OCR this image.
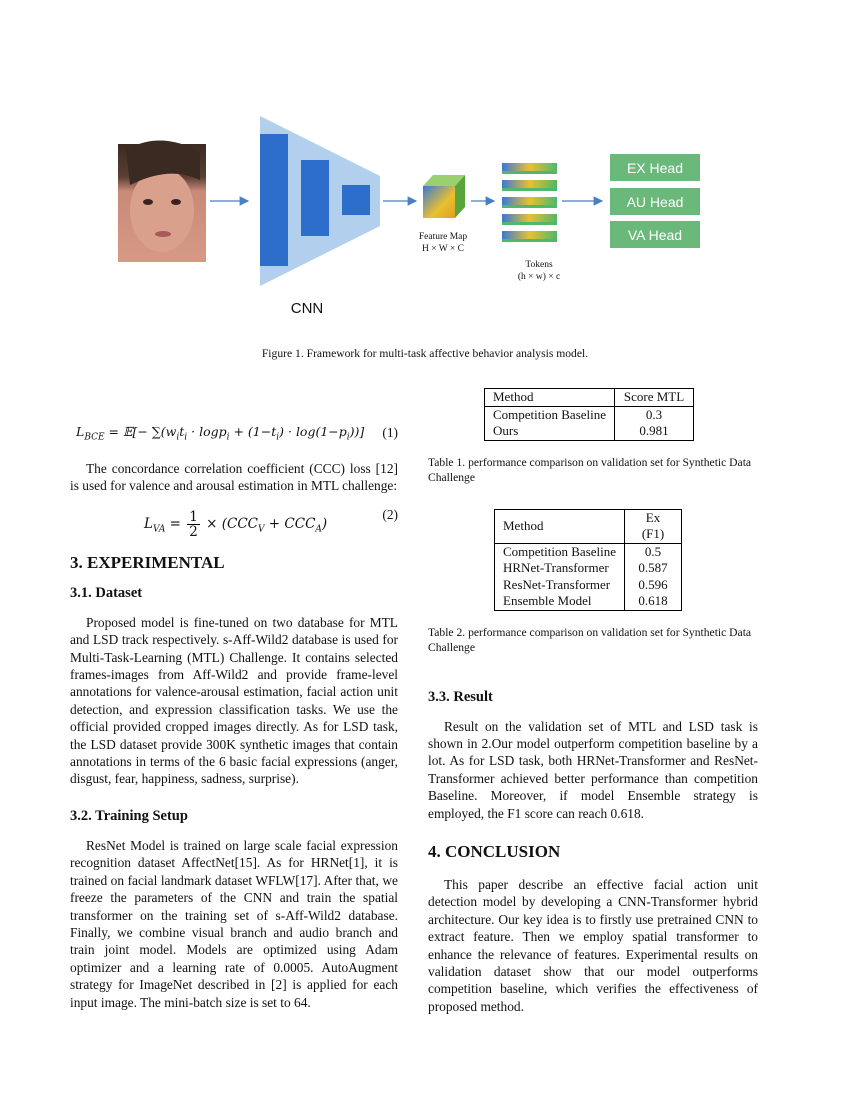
CNN
Feature Map
H × W × C
Tokens
(h × w) × c
EX Head
AU Head
VA Head

Figure 1. Framework for multi-task affective behavior analysis model.

$L_{BCE}$ = 𝔼[− $\sum(w_it_i \cdot \log p_i + (1-t_i) \cdot \log(1-p_i))$] (1)

The concordance correlation coefficient (CCC) loss [12] is used for valence and arousal estimation in MTL challenge:

$L_{VA} = \frac{1}{2} \times (CCC_V + CCC_A)$
(2)

3. EXPERIMENTAL

3.1. Dataset

Proposed model is fine-tuned on two database for MTL and LSD track respectively. s-Aff-Wild2 database is used for Multi-Task-Learning (MTL) Challenge. It contains selected frames-images from Aff-Wild2 and provide frame-level annotations for valence-arousal estimation, facial action unit detection, and expression classification tasks. We use the official provided cropped images directly. As for LSD task, the LSD dataset provide 300K synthetic images that contain annotations in terms of the 6 basic facial expressions (anger, disgust, fear, happiness, sadness, surprise).

3.2. Training Setup

ResNet Model is trained on large scale facial expression recognition dataset AffectNet[15]. As for HRNet[1], it is trained on facial landmark dataset WFLW[17]. After that, we freeze the parameters of the CNN and train the spatial transformer on the training set of s-Aff-Wild2 database. Finally, we combine visual branch and audio branch and train joint model. Models are optimized using Adam optimizer and a learning rate of 0.0005. AutoAugment strategy for ImageNet described in [2] is applied for each input image. The mini-batch size is set to 64.

Method	Score MTL
Competition Baseline	0.3
Ours	0.981

Table 1. performance comparison on validation set for Synthetic Data Challenge

Method	Ex (F1)
Competition Baseline	0.5
HRNet-Transformer	0.587
ResNet-Transformer	0.596
Ensemble Model	0.618

Table 2. performance comparison on validation set for Synthetic Data Challenge

3.3. Result

Result on the validation set of MTL and LSD task is shown in 2.Our model outperform competition baseline by a lot. As for LSD task, both HRNet-Transformer and ResNet-Transformer achieved better performance than competition Baseline. Moreover, if model Ensemble strategy is employed, the F1 score can reach 0.618.

4. CONCLUSION

This paper describe an effective facial action unit detection model by developing a CNN-Transformer hybrid architecture. Our key idea is to firstly use pretrained CNN to extract feature. Then we employ spatial transformer to enhance the relevance of features. Experimental results on validation dataset show that our model outperforms competition baseline, which verifies the effectiveness of proposed method.
